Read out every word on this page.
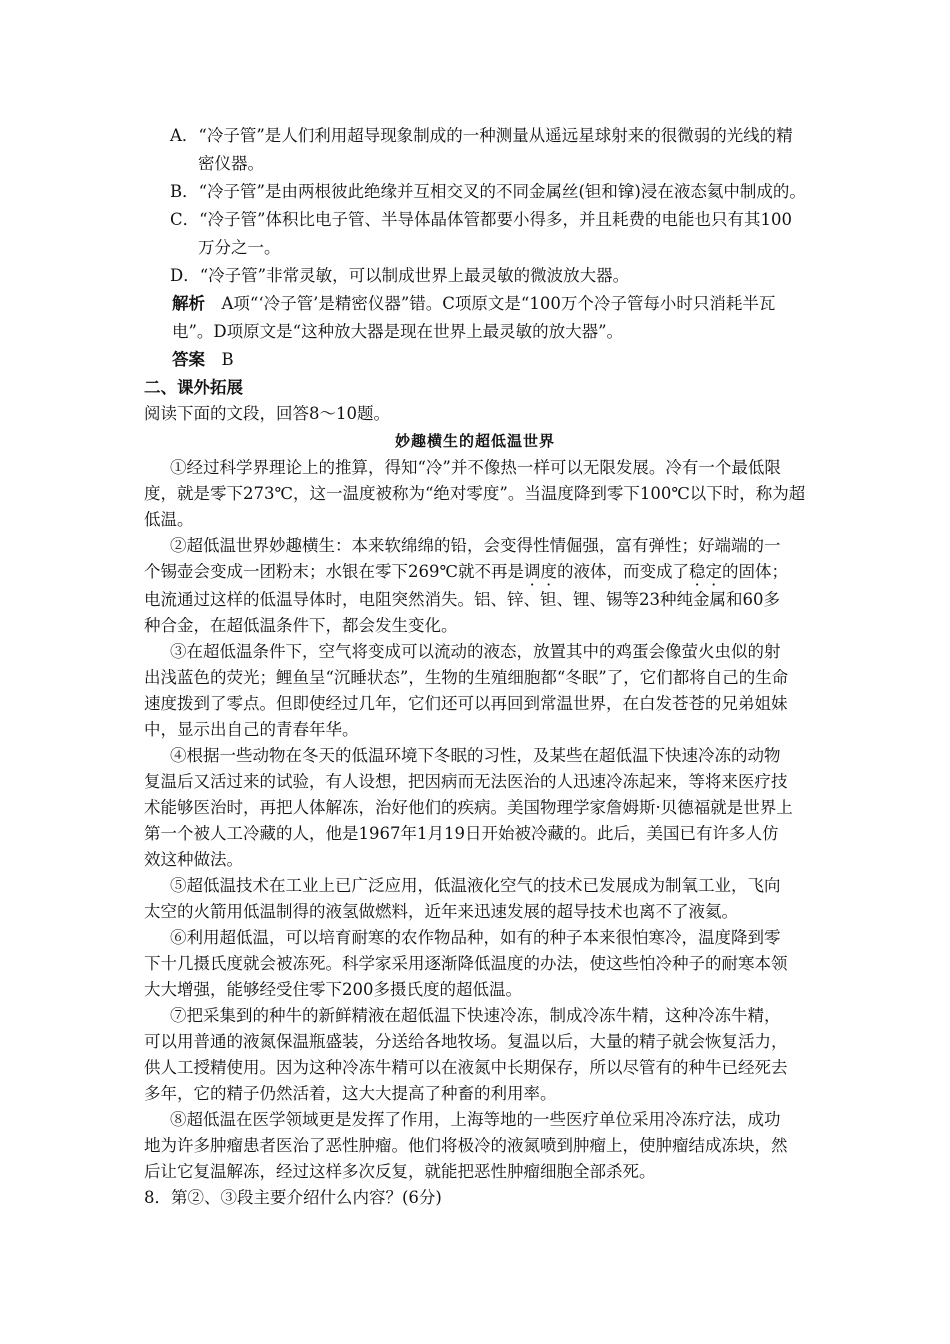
A．“冷子管”是人们利用超导现象制成的一种测量从遥远星球射来的很微弱的光线的精
密仪器。
B．“冷子管”是由两根彼此绝缘并互相交叉的不同金属丝(钽和镎)浸在液态氦中制成的。
C．“冷子管”体积比电子管、半导体晶体管都要小得多，并且耗费的电能也只有其100
万分之一。
D．“冷子管”非常灵敏，可以制成世界上最灵敏的微波放大器。
解析　A项“‘冷子管’是精密仪器”错。C项原文是“100万个冷子管每小时只消耗半瓦
电”。D项原文是“这种放大器是现在世界上最灵敏的放大器”。
答案　B
二、课外拓展
阅读下面的文段，回答8～10题。
妙趣横生的超低温世界
①经过科学界理论上的推算，得知“冷”并不像热一样可以无限发展。冷有一个最低限
度，就是零下273℃，这一温度被称为“绝对零度”。当温度降到零下100℃以下时，称为超
低温。
②超低温世界妙趣横生：本来软绵绵的铅，会变得性情倔强，富有弹性；好端端的一
个锡壶会变成一团粉末；水银在零下269℃就不再是调度的液体，而变成了稳定的固体；
电流通过这样的低温导体时，电阻突然消失。铝、锌、钽、锂、锡等23种纯金属和60多
种合金，在超低温条件下，都会发生变化。
③在超低温条件下，空气将变成可以流动的液态，放置其中的鸡蛋会像萤火虫似的射
出浅蓝色的荧光；鲤鱼呈“沉睡状态”，生物的生殖细胞都“冬眠”了，它们都将自己的生命
速度拨到了零点。但即使经过几年，它们还可以再回到常温世界，在白发苍苍的兄弟姐妹
中，显示出自己的青春年华。
④根据一些动物在冬天的低温环境下冬眠的习性，及某些在超低温下快速冷冻的动物
复温后又活过来的试验，有人设想，把因病而无法医治的人迅速冷冻起来，等将来医疗技
术能够医治时，再把人体解冻，治好他们的疾病。美国物理学家詹姆斯·贝德福就是世界上
第一个被人工冷藏的人，他是1967年1月19日开始被冷藏的。此后，美国已有许多人仿
效这种做法。
⑤超低温技术在工业上已广泛应用，低温液化空气的技术已发展成为制氧工业，飞向
太空的火箭用低温制得的液氢做燃料，近年来迅速发展的超导技术也离不了液氦。
⑥利用超低温，可以培育耐寒的农作物品种，如有的种子本来很怕寒冷，温度降到零
下十几摄氏度就会被冻死。科学家采用逐渐降低温度的办法，使这些怕冷种子的耐寒本领
大大增强，能够经受住零下200多摄氏度的超低温。
⑦把采集到的种牛的新鲜精液在超低温下快速冷冻，制成冷冻牛精，这种冷冻牛精，
可以用普通的液氮保温瓶盛装，分送给各地牧场。复温以后，大量的精子就会恢复活力，
供人工授精使用。因为这种冷冻牛精可以在液氮中长期保存，所以尽管有的种牛已经死去
多年，它的精子仍然活着，这大大提高了种畜的利用率。
⑧超低温在医学领域更是发挥了作用，上海等地的一些医疗单位采用冷冻疗法，成功
地为许多肿瘤患者医治了恶性肿瘤。他们将极冷的液氮喷到肿瘤上，使肿瘤结成冻块，然
后让它复温解冻，经过这样多次反复，就能把恶性肿瘤细胞全部杀死。
8．第②、③段主要介绍什么内容？(6分)
